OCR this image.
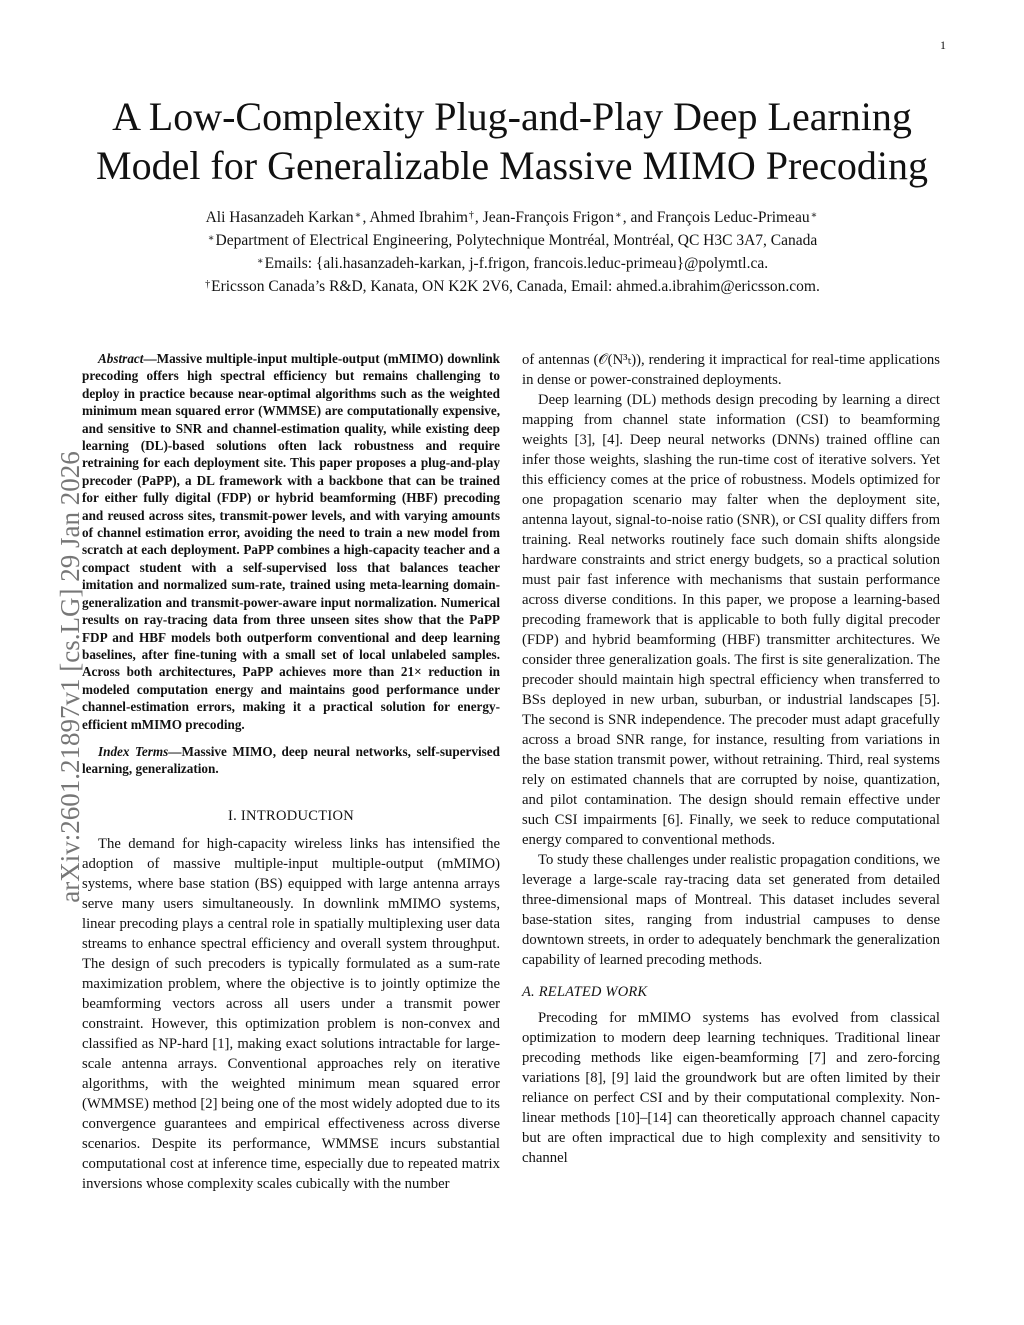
1
A Low-Complexity Plug-and-Play Deep Learning
Model for Generalizable Massive MIMO Precoding
Ali Hasanzadeh Karkan∗, Ahmed Ibrahim†, Jean-François Frigon∗, and François Leduc-Primeau∗
∗Department of Electrical Engineering, Polytechnique Montréal, Montréal, QC H3C 3A7, Canada
∗Emails: {ali.hasanzadeh-karkan, j-f.frigon, francois.leduc-primeau}@polymtl.ca.
†Ericsson Canada’s R&D, Kanata, ON K2K 2V6, Canada, Email: ahmed.a.ibrahim@ericsson.com.
arXiv:2601.21897v1 [cs.LG] 29 Jan 2026

Abstract—Massive multiple-input multiple-output (mMIMO) downlink precoding offers high spectral efficiency but remains challenging to deploy in practice because near-optimal algorithms such as the weighted minimum mean squared error (WMMSE) are computationally expensive, and sensitive to SNR and channel-estimation quality, while existing deep learning (DL)-based solutions often lack robustness and require retraining for each deployment site. This paper proposes a plug-and-play precoder (PaPP), a DL framework with a backbone that can be trained for either fully digital (FDP) or hybrid beamforming (HBF) precoding and reused across sites, transmit-power levels, and with varying amounts of channel estimation error, avoiding the need to train a new model from scratch at each deployment. PaPP combines a high-capacity teacher and a compact student with a self-supervised loss that balances teacher imitation and normalized sum-rate, trained using meta-learning domain-generalization and transmit-power-aware input normalization. Numerical results on ray-tracing data from three unseen sites show that the PaPP FDP and HBF models both outperform conventional and deep learning baselines, after fine-tuning with a small set of local unlabeled samples. Across both architectures, PaPP achieves more than 21× reduction in modeled computation energy and maintains good performance under channel-estimation errors, making it a practical solution for energy-efficient mMIMO precoding.

Index Terms—Massive MIMO, deep neural networks, self-supervised learning, generalization.

I. INTRODUCTION

The demand for high-capacity wireless links has intensified the adoption of massive multiple-input multiple-output (mMIMO) systems, where base station (BS) equipped with large antenna arrays serve many users simultaneously. In downlink mMIMO systems, linear precoding plays a central role in spatially multiplexing user data streams to enhance spectral efficiency and overall system throughput. The design of such precoders is typically formulated as a sum-rate maximization problem, where the objective is to jointly optimize the beamforming vectors across all users under a transmit power constraint. However, this optimization problem is non-convex and classified as NP-hard [1], making exact solutions intractable for large-scale antenna arrays. Conventional approaches rely on iterative algorithms, with the weighted minimum mean squared error (WMMSE) method [2] being one of the most widely adopted due to its convergence guarantees and empirical effectiveness across diverse scenarios. Despite its performance, WMMSE incurs substantial computational cost at inference time, especially due to repeated matrix inversions whose complexity scales cubically with the number

of antennas (𝒪(N³ₜ)), rendering it impractical for real-time applications in dense or power-constrained deployments.

Deep learning (DL) methods design precoding by learning a direct mapping from channel state information (CSI) to beamforming weights [3], [4]. Deep neural networks (DNNs) trained offline can infer those weights, slashing the run-time cost of iterative solvers. Yet this efficiency comes at the price of robustness. Models optimized for one propagation scenario may falter when the deployment site, antenna layout, signal-to-noise ratio (SNR), or CSI quality differs from training. Real networks routinely face such domain shifts alongside hardware constraints and strict energy budgets, so a practical solution must pair fast inference with mechanisms that sustain performance across diverse conditions. In this paper, we propose a learning-based precoding framework that is applicable to both fully digital precoder (FDP) and hybrid beamforming (HBF) transmitter architectures. We consider three generalization goals. The first is site generalization. The precoder should maintain high spectral efficiency when transferred to BSs deployed in new urban, suburban, or industrial landscapes [5]. The second is SNR independence. The precoder must adapt gracefully across a broad SNR range, for instance, resulting from variations in the base station transmit power, without retraining. Third, real systems rely on estimated channels that are corrupted by noise, quantization, and pilot contamination. The design should remain effective under such CSI impairments [6]. Finally, we seek to reduce computational energy compared to conventional methods.

To study these challenges under realistic propagation conditions, we leverage a large-scale ray-tracing data set generated from detailed three-dimensional maps of Montreal. This dataset includes several base-station sites, ranging from industrial campuses to dense downtown streets, in order to adequately benchmark the generalization capability of learned precoding methods.

A. RELATED WORK

Precoding for mMIMO systems has evolved from classical optimization to modern deep learning techniques. Traditional linear precoding methods like eigen-beamforming [7] and zero-forcing variations [8], [9] laid the groundwork but are often limited by their reliance on perfect CSI and by their computational complexity. Non-linear methods [10]–[14] can theoretically approach channel capacity but are often impractical due to high complexity and sensitivity to channel
